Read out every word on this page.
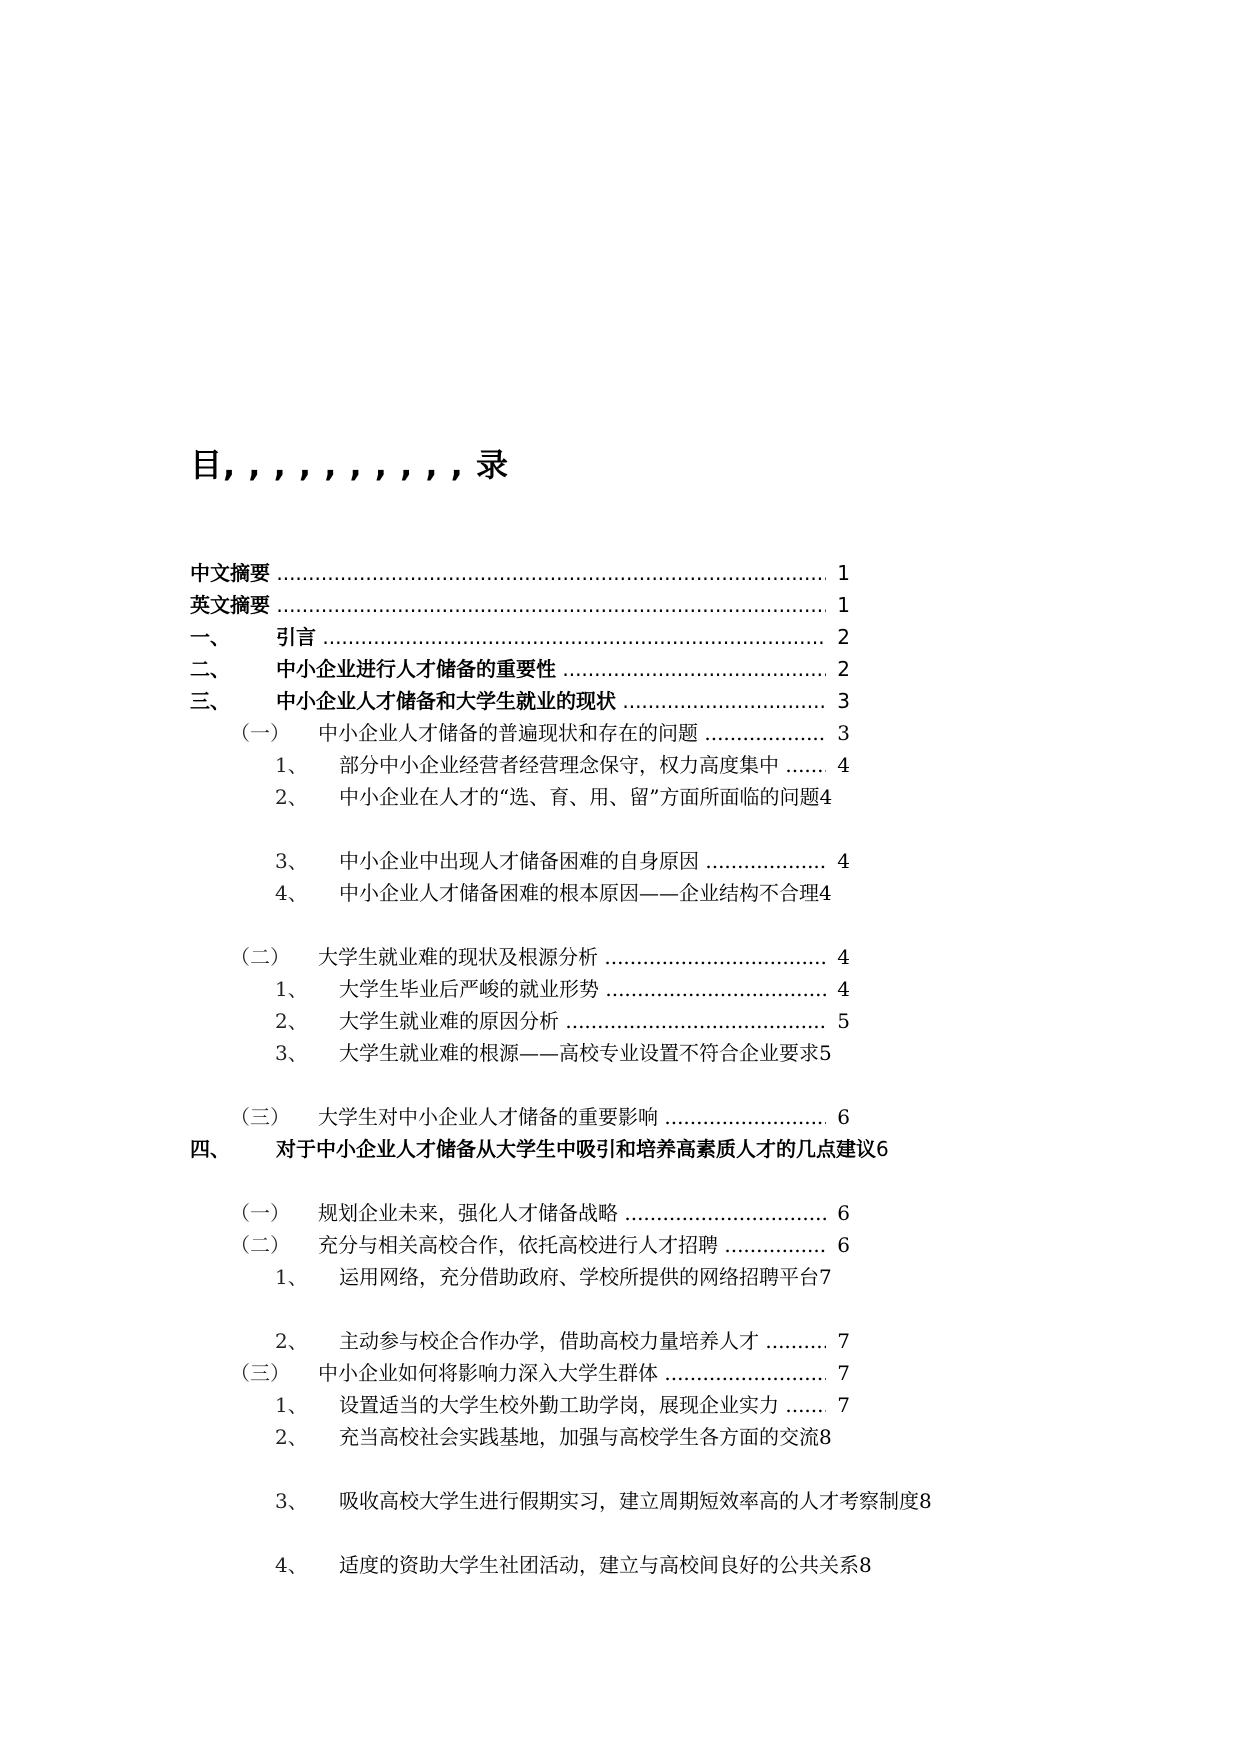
目, , , , , , , , , , 录
中文摘要 .....	1
英文摘要 .....	1
一、 引言 .....	2
二、 中小企业进行人才储备的重要性 .....	2
三、 中小企业人才储备和大学生就业的现状 .....	3
（一） 中小企业人才储备的普遍现状和存在的问题 .....	3
1、 部分中小企业经营者经营理念保守，权力高度集中 .....	4
2、 中小企业在人才的“选、育、用、留”方面所面临的问题4
3、 中小企业中出现人才储备困难的自身原因 .....	4
4、 中小企业人才储备困难的根本原因——企业结构不合理4
（二） 大学生就业难的现状及根源分析 .....	4
1、 大学生毕业后严峻的就业形势 .....	4
2、 大学生就业难的原因分析 .....	5
3、 大学生就业难的根源——高校专业设置不符合企业要求5
（三） 大学生对中小企业人才储备的重要影响 .....	6
四、 对于中小企业人才储备从大学生中吸引和培养高素质人才的几点建议6
（一） 规划企业未来，强化人才储备战略 .....	6
（二） 充分与相关高校合作，依托高校进行人才招聘 .....	6
1、 运用网络，充分借助政府、学校所提供的网络招聘平台7
2、 主动参与校企合作办学，借助高校力量培养人才 .....	7
（三） 中小企业如何将影响力深入大学生群体 .....	7
1、 设置适当的大学生校外勤工助学岗，展现企业实力 .....	7
2、 充当高校社会实践基地，加强与高校学生各方面的交流8
3、 吸收高校大学生进行假期实习，建立周期短效率高的人才考察制度8
4、 适度的资助大学生社团活动，建立与高校间良好的公共关系8
